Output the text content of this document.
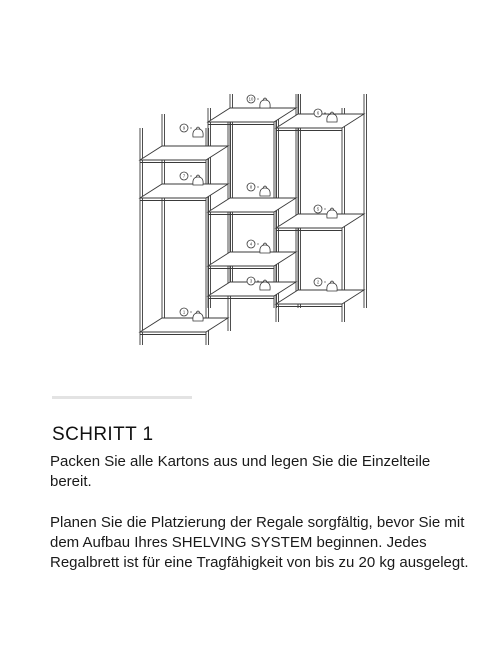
1
2
3
4
5
6
7
8
9
10
SCHRITT 1

Packen Sie alle Kartons aus und legen Sie die Einzelteile bereit.

Planen Sie die Platzierung der Regale sorgfältig, bevor Sie mit dem Aufbau Ihres SHELVING SYSTEM beginnen. Jedes Regalbrett ist für eine Tragfähigkeit von bis zu 20 kg ausgelegt.
